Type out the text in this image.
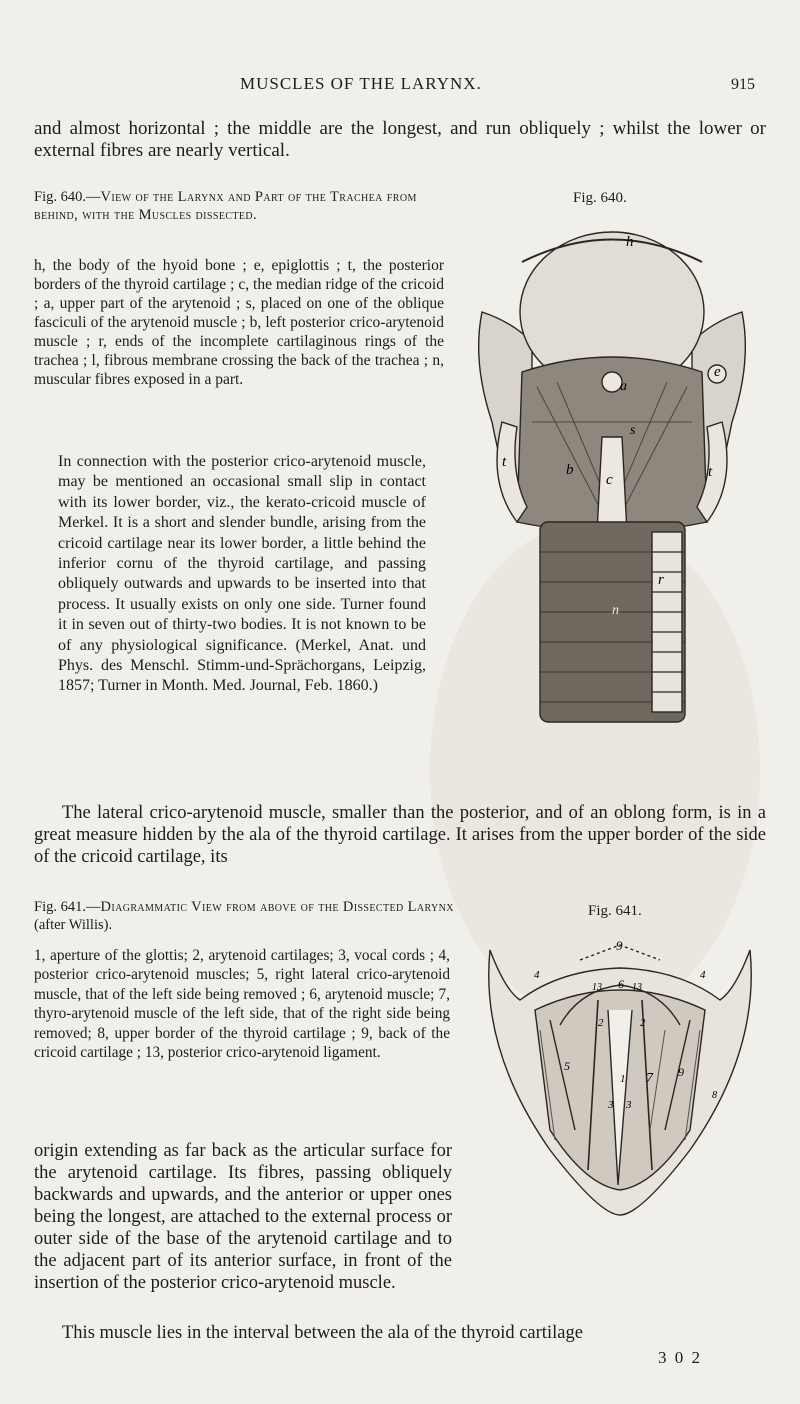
MUSCLES OF THE LARYNX.	915

and almost horizontal ; the middle are the longest, and run obliquely ; whilst the lower or external fibres are nearly vertical.

Fig. 640.—View of the Larynx and Part of the Trachea from behind, with the Muscles dissected.
Fig. 640.

h, the body of the hyoid bone ; e, epiglottis ; t, the posterior borders of the thyroid cartilage ; c, the median ridge of the cricoid ; a, upper part of the arytenoid ; s, placed on one of the oblique fasciculi of the arytenoid muscle ; b, left posterior crico-arytenoid muscle ; r, ends of the incomplete cartilaginous rings of the trachea ; l, fibrous membrane crossing the back of the trachea ; n, muscular fibres exposed in a part.

h
e
a
s
t
c
b	t
n
r

In connection with the posterior crico-arytenoid muscle, may be mentioned an occasional small slip in contact with its lower border, viz., the kerato-cricoid muscle of Merkel. It is a short and slender bundle, arising from the cricoid cartilage near its lower border, a little behind the inferior cornu of the thyroid cartilage, and passing obliquely outwards and upwards to be inserted into that process. It usually exists on only one side. Turner found it in seven out of thirty-two bodies. It is not known to be of any physiological significance. (Merkel, Anat. und Phys. des Menschl. Stimm-und-Sprächorgans, Leipzig, 1857; Turner in Month. Med. Journal, Feb. 1860.)

The lateral crico-arytenoid muscle, smaller than the posterior, and of an oblong form, is in a great measure hidden by the ala of the thyroid cartilage. It arises from the upper border of the side of the cricoid cartilage, its

Fig. 641.—Diagrammatic View from above of the Dissected Larynx (after Willis).
Fig. 641.

1, aperture of the glottis; 2, arytenoid cartilages; 3, vocal cords ; 4, posterior crico-arytenoid muscles; 5, right lateral crico-arytenoid muscle, that of the left side being removed ; 6, arytenoid muscle; 7, thyro-arytenoid muscle of the left side, that of the right side being removed; 8, upper border of the thyroid cartilage ; 9, back of the cricoid cartilage ; 13, posterior crico-arytenoid ligament.

9
4	4
13 6 13
2	2
5
1 7 9
3 3
8

origin extending as far back as the articular surface for the arytenoid cartilage. Its fibres, passing obliquely backwards and upwards, and the anterior or upper ones being the longest, are attached to the external process or outer side of the base of the arytenoid cartilage and to the adjacent part of its anterior surface, in front of the insertion of the posterior crico-arytenoid muscle.

This muscle lies in the interval between the ala of the thyroid cartilage

3 0 2
